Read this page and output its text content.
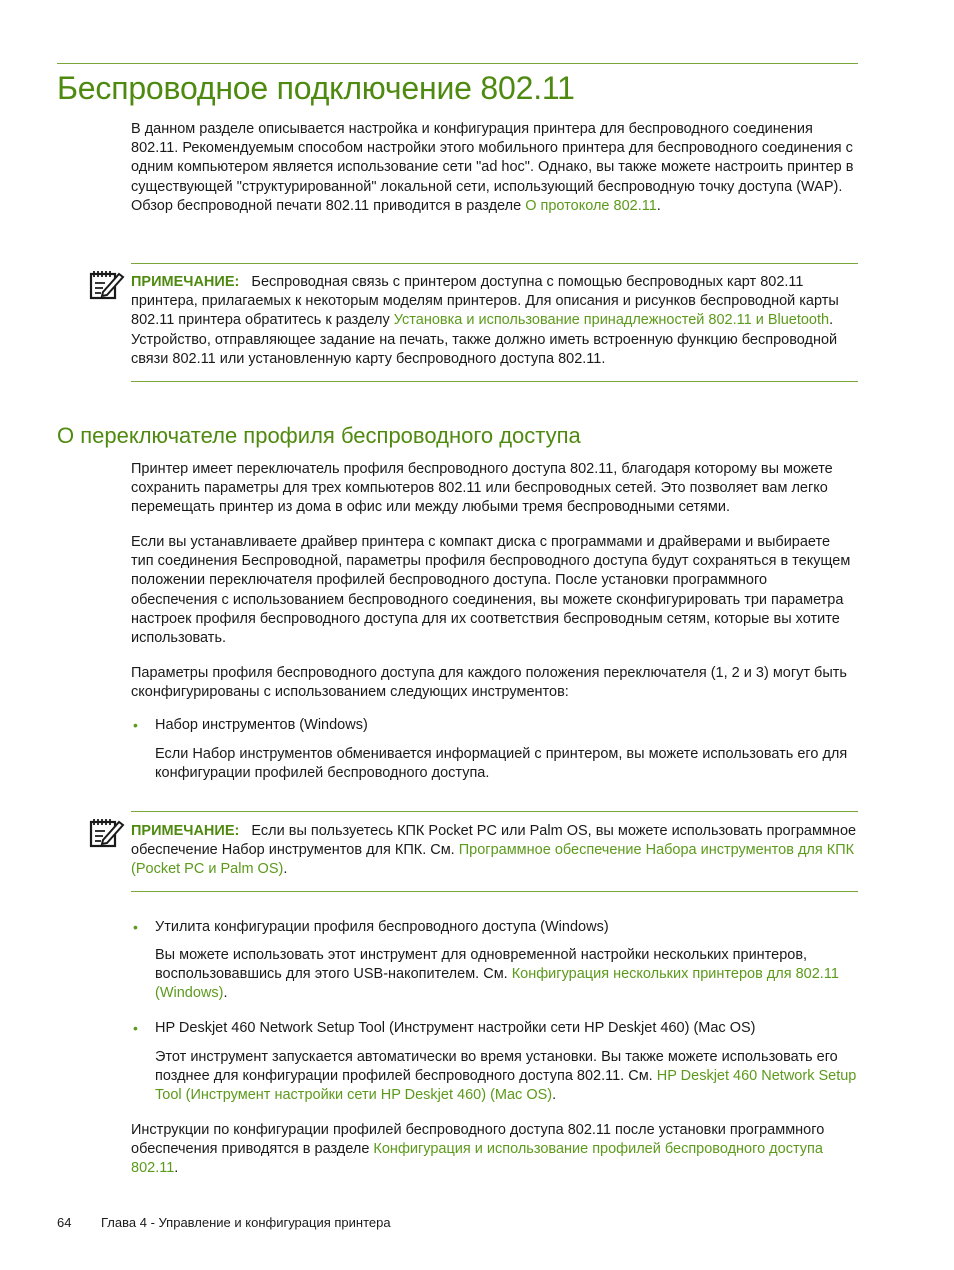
Беспроводное подключение 802.11

В данном разделе описывается настройка и конфигурация принтера для беспроводного соединения 802.11. Рекомендуемым способом настройки этого мобильного принтера для беспроводного соединения с одним компьютером является использование сети "ad hoc". Однако, вы также можете настроить принтер в существующей "структурированной" локальной сети, использующий беспроводную точку доступа (WAP). Обзор беспроводной печати 802.11 приводится в разделе О протоколе 802.11.

ПРИМЕЧАНИЕ: Беспроводная связь с принтером доступна с помощью беспроводных карт 802.11 принтера, прилагаемых к некоторым моделям принтеров. Для описания и рисунков беспроводной карты 802.11 принтера обратитесь к разделу Установка и использование принадлежностей 802.11 и Bluetooth. Устройство, отправляющее задание на печать, также должно иметь встроенную функцию беспроводной связи 802.11 или установленную карту беспроводного доступа 802.11.

О переключателе профиля беспроводного доступа

Принтер имеет переключатель профиля беспроводного доступа 802.11, благодаря которому вы можете сохранить параметры для трех компьютеров 802.11 или беспроводных сетей. Это позволяет вам легко перемещать принтер из дома в офис или между любыми тремя беспроводными сетями.

Если вы устанавливаете драйвер принтера с компакт диска с программами и драйверами и выбираете тип соединения Беспроводной, параметры профиля беспроводного доступа будут сохраняться в текущем положении переключателя профилей беспроводного доступа. После установки программного обеспечения с использованием беспроводного соединения, вы можете сконфигурировать три параметра настроек профиля беспроводного доступа для их соответствия беспроводным сетям, которые вы хотите использовать.

Параметры профиля беспроводного доступа для каждого положения переключателя (1, 2 и 3) могут быть сконфигурированы с использованием следующих инструментов:

• Набор инструментов (Windows)

Если Набор инструментов обменивается информацией с принтером, вы можете использовать его для конфигурации профилей беспроводного доступа.

ПРИМЕЧАНИЕ: Если вы пользуетесь КПК Pocket PC или Palm OS, вы можете использовать программное обеспечение Набор инструментов для КПК. См. Программное обеспечение Набора инструментов для КПК (Pocket PC и Palm OS).

• Утилита конфигурации профиля беспроводного доступа (Windows)

Вы можете использовать этот инструмент для одновременной настройки нескольких принтеров, воспользовавшись для этого USB-накопителем. См. Конфигурация нескольких принтеров для 802.11 (Windows).

• HP Deskjet 460 Network Setup Tool (Инструмент настройки сети HP Deskjet 460) (Mac OS)

Этот инструмент запускается автоматически во время установки. Вы также можете использовать его позднее для конфигурации профилей беспроводного доступа 802.11. См. HP Deskjet 460 Network Setup Tool (Инструмент настройки сети HP Deskjet 460) (Mac OS).

Инструкции по конфигурации профилей беспроводного доступа 802.11 после установки программного обеспечения приводятся в разделе Конфигурация и использование профилей беспроводного доступа 802.11.

64 Глава 4 - Управление и конфигурация принтера
